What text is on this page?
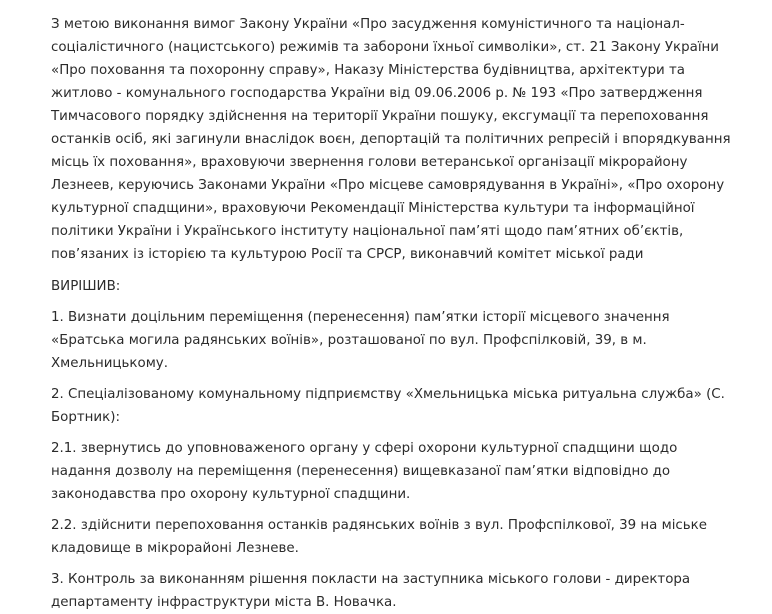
З метою виконання вимог Закону України «Про засудження комуністичного та націонал-соціалістичного (нацистського) режимів та заборони їхньої символіки», ст. 21 Закону України «Про поховання та похоронну справу», Наказу Міністерства будівництва, архітектури та житлово - комунального господарства України від 09.06.2006 р. № 193 «Про затвердження Тимчасового порядку здійснення на території України пошуку, ексгумації та перепоховання останків осіб, які загинули внаслідок воєн, депортацій та політичних репресій і впорядкування місць їх поховання», враховуючи звернення голови ветеранської організації мікрорайону Лезнеев, керуючись Законами України «Про місцеве самоврядування в Україні», «Про охорону культурної спадщини», враховуючи Рекомендації Міністерства культури та інформаційної політики України і Українського інституту національної пам’яті щодо пам’ятних об’єктів, пов’язаних із історією та культурою Росії та СРСР, виконавчий комітет міської ради

ВИРІШИВ:

1. Визнати доцільним переміщення (перенесення) пам’ятки історії місцевого значення «Братська могила радянських воїнів», розташованої по вул. Профспілковій, 39, в м. Хмельницькому.

2. Спеціалізованому комунальному підприємству «Хмельницька міська ритуальна служба» (С. Бортник):

2.1. звернутись до уповноваженого органу у сфері охорони культурної спадщини щодо надання дозволу на переміщення (перенесення) вищевказаної пам’ятки відповідно до законодавства про охорону культурної спадщини.

2.2. здійснити перепоховання останків радянських воїнів з вул. Профспілкової, 39 на міське кладовище в мікрорайоні Лезневе.

3. Контроль за виконанням рішення покласти на заступника міського голови - директора департаменту інфраструктури міста В. Новачка.
